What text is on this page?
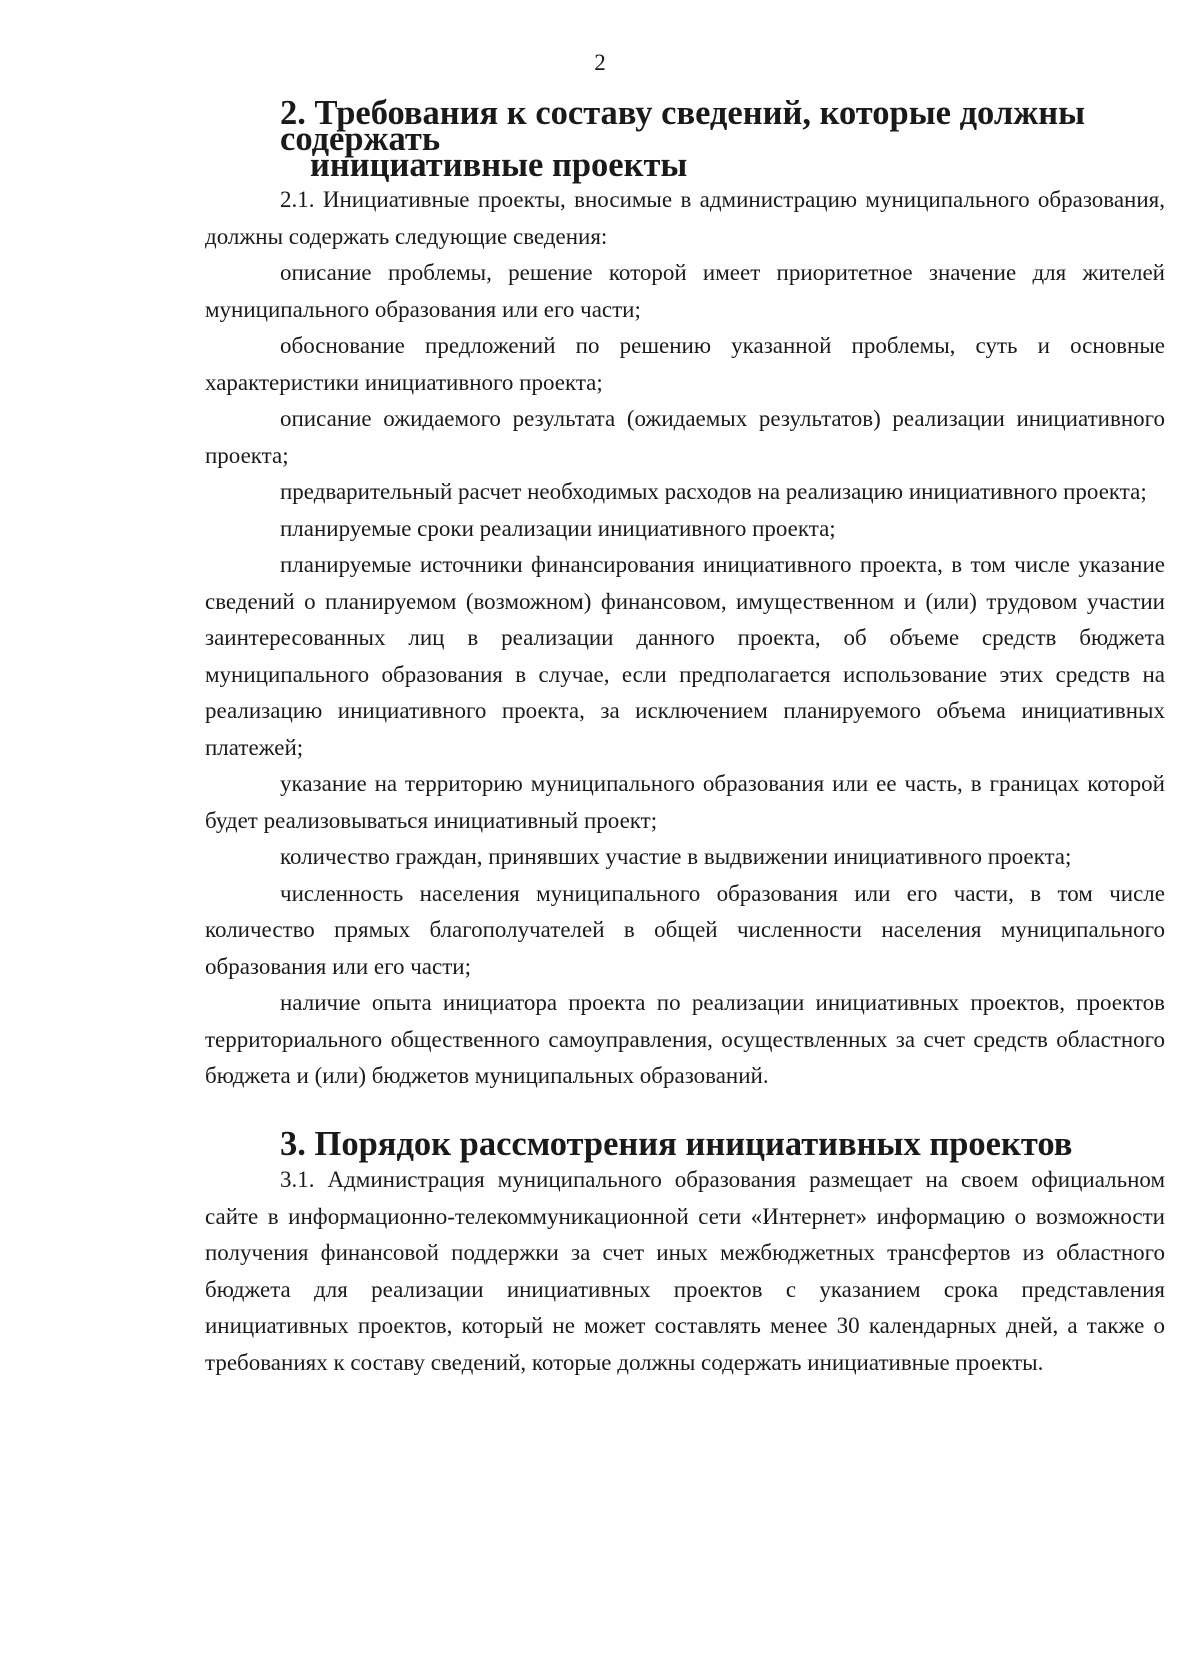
2
2. Требования к составу сведений, которые должны содержать
инициативные проекты

2.1. Инициативные проекты, вносимые в администрацию муниципального образования, должны содержать следующие сведения:

описание проблемы, решение которой имеет приоритетное значение для жителей муниципального образования или его части;

обоснование предложений по решению указанной проблемы, суть и основные характеристики инициативного проекта;

описание ожидаемого результата (ожидаемых результатов) реализации инициативного проекта;

предварительный расчет необходимых расходов на реализацию инициативного проекта;

планируемые сроки реализации инициативного проекта;

планируемые источники финансирования инициативного проекта, в том числе указание сведений о планируемом (возможном) финансовом, имущественном и (или) трудовом участии заинтересованных лиц в реализации данного проекта, об объеме средств бюджета муниципального образования в случае, если предполагается использование этих средств на реализацию инициативного проекта, за исключением планируемого объема инициативных платежей;

указание на территорию муниципального образования или ее часть, в границах которой будет реализовываться инициативный проект;

количество граждан, принявших участие в выдвижении инициативного проекта;

численность населения муниципального образования или его части, в том числе количество прямых благополучателей в общей численности населения муниципального образования или его части;

наличие опыта инициатора проекта по реализации инициативных проектов, проектов территориального общественного самоуправления, осуществленных за счет средств областного бюджета и (или) бюджетов муниципальных образований.

3. Порядок рассмотрения инициативных проектов

3.1. Администрация муниципального образования размещает на своем официальном сайте в информационно-телекоммуникационной сети «Интернет» информацию о возможности получения финансовой поддержки за счет иных межбюджетных трансфертов из областного бюджета для реализации инициативных проектов с указанием срока представления инициативных проектов, который не может составлять менее 30 календарных дней, а также о требованиях к составу сведений, которые должны содержать инициативные проекты.
